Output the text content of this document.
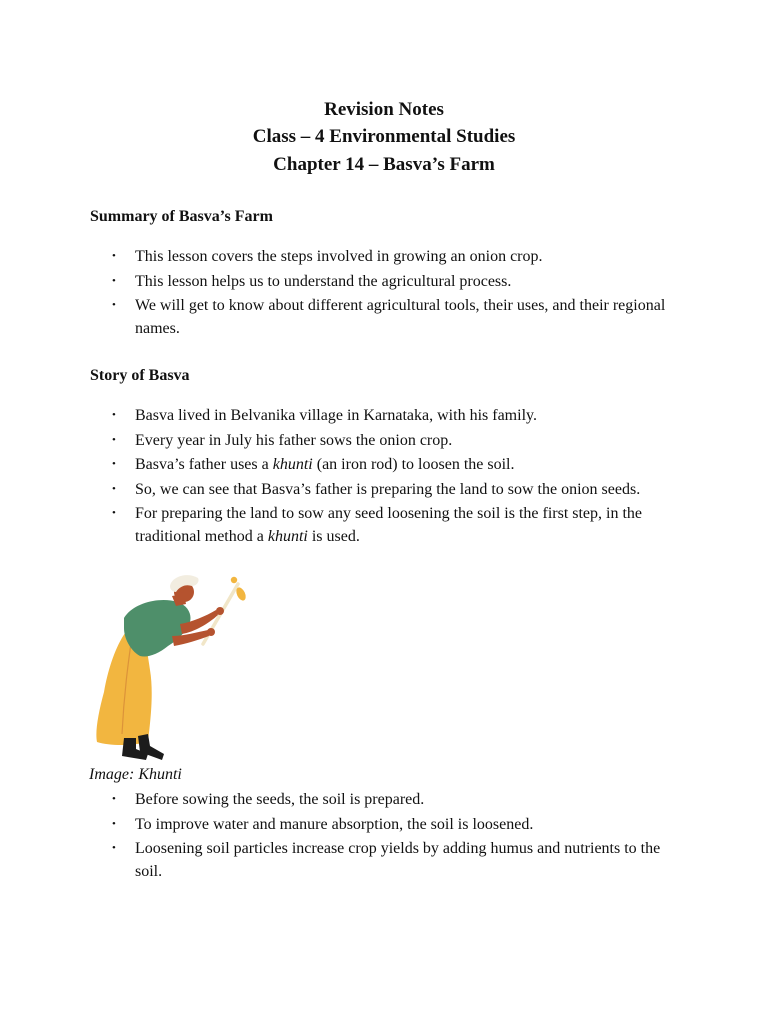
Revision Notes
Class – 4 Environmental Studies
Chapter 14 – Basva’s Farm
Summary of Basva’s Farm
• This lesson covers the steps involved in growing an onion crop.
• This lesson helps us to understand the agricultural process.
• We will get to know about different agricultural tools, their uses, and their regional names.
Story of Basva
• Basva lived in Belvanika village in Karnataka, with his family.
• Every year in July his father sows the onion crop.
• Basva’s father uses a khunti (an iron rod) to loosen the soil.
• So, we can see that Basva’s father is preparing the land to sow the onion seeds.
• For preparing the land to sow any seed loosening the soil is the first step, in the traditional method a khunti is used.
Image: Khunti
• Before sowing the seeds, the soil is prepared.
• To improve water and manure absorption, the soil is loosened.
• Loosening soil particles increase crop yields by adding humus and nutrients to the soil.
